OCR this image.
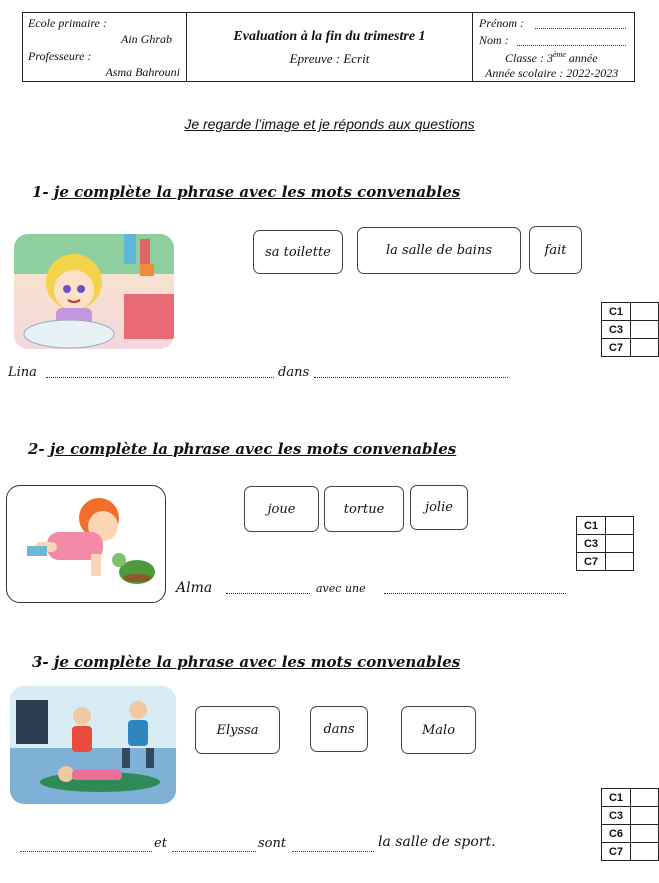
Ecole primaire :
Ain Ghrab
Professeure :
Asma Bahrouni
Evaluation à la fin du trimestre 1
Epreuve : Ecrit
Prénom :
Nom :
Classe : 3ème année
Année scolaire : 2022-2023
Je regarde l’image et je réponds aux questions
1- je complète la phrase avec les mots convenables
sa toilette	la salle de bains	fait
C1	
C3	
C7	
Lina	dans
2- je complète la phrase avec les mots convenables
joue	tortue	jolie
C1	
C3	
C7	
Alma	avec une
3- je complète la phrase avec les mots convenables
Elyssa	dans	Malo
C1	
C3	
C6	
C7	
et	sont	la salle de sport.
